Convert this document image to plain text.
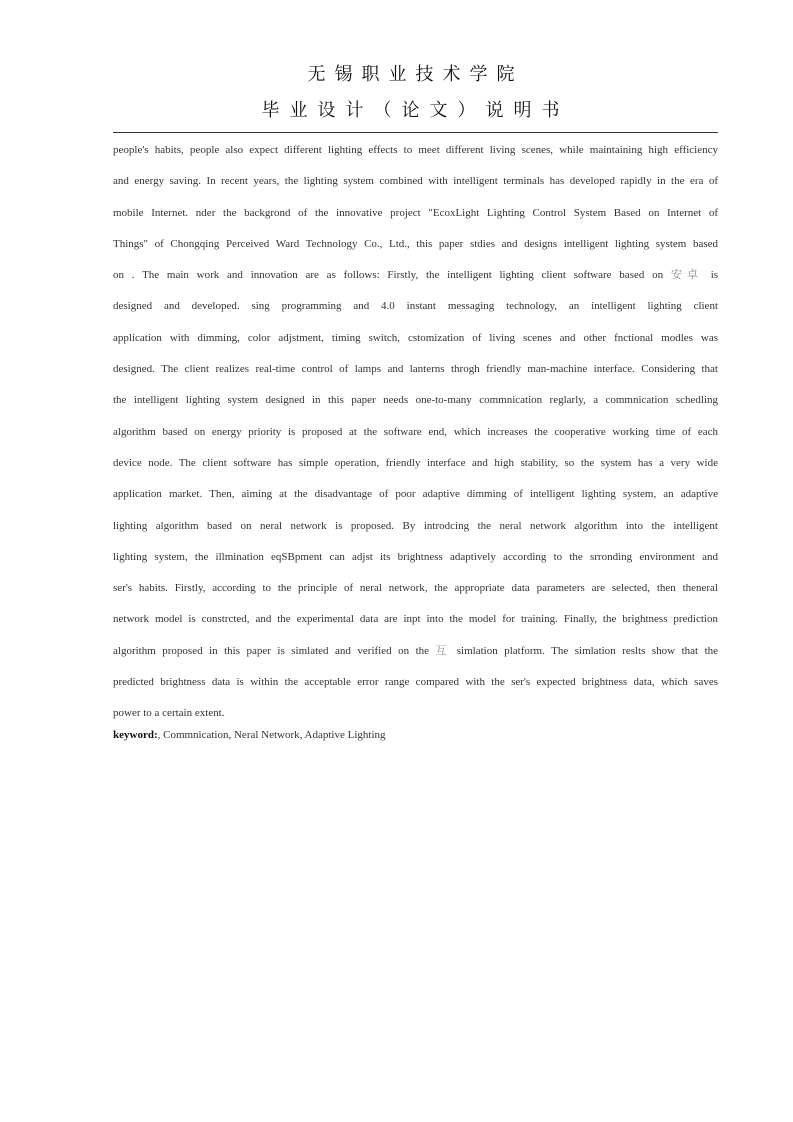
无锡职业技术学院
毕业设计（论文）说明书
people's habits, people also expect different lighting effects to meet different living scenes, while maintaining high efficiency
and energy saving. In recent years, the lighting system combined with intelligent terminals has developed rapidly in the era of
mobile Internet. nder the backgrond of the innovative project "EcoxLight Lighting Control System Based on Internet of
Things" of Chongqing Perceived Ward Technology Co., Ltd., this paper stdies and designs intelligent lighting system based
on . The main work and innovation are as follows: Firstly, the intelligent lighting client software based on 安卓 is
designed and developed. sing programming and 4.0 instant messaging technology, an intelligent lighting client
application with dimming, color adjstment, timing switch, cstomization of living scenes and other fnctional modles was
designed. The client realizes real-time control of lamps and lanterns throgh friendly man-machine interface. Considering that
the intelligent lighting system designed in this paper needs one-to-many commnication reglarly, a commnication schedling
algorithm based on energy priority is proposed at the software end, which increases the cooperative working time of each
device node. The client software has simple operation, friendly interface and high stability, so the system has a very wide
application market. Then, aiming at the disadvantage of poor adaptive dimming of intelligent lighting system, an adaptive
lighting algorithm based on neral network is proposed. By introdcing the neral network algorithm into the intelligent
lighting system, the illmination eqSBpment can adjst its brightness adaptively according to the srronding environment and
ser's habits. Firstly, according to the principle of neral network, the appropriate data parameters are selected, then theneral
network model is constrcted, and the experimental data are inpt into the model for training. Finally, the brightness prediction
algorithm proposed in this paper is simlated and verified on the 互 simlation platform. The simlation reslts show that the
predicted brightness data is within the acceptable error range compared with the ser's expected brightness data, which saves
power to a certain extent.
keyword:, Commnication, Neral Network, Adaptive Lighting
